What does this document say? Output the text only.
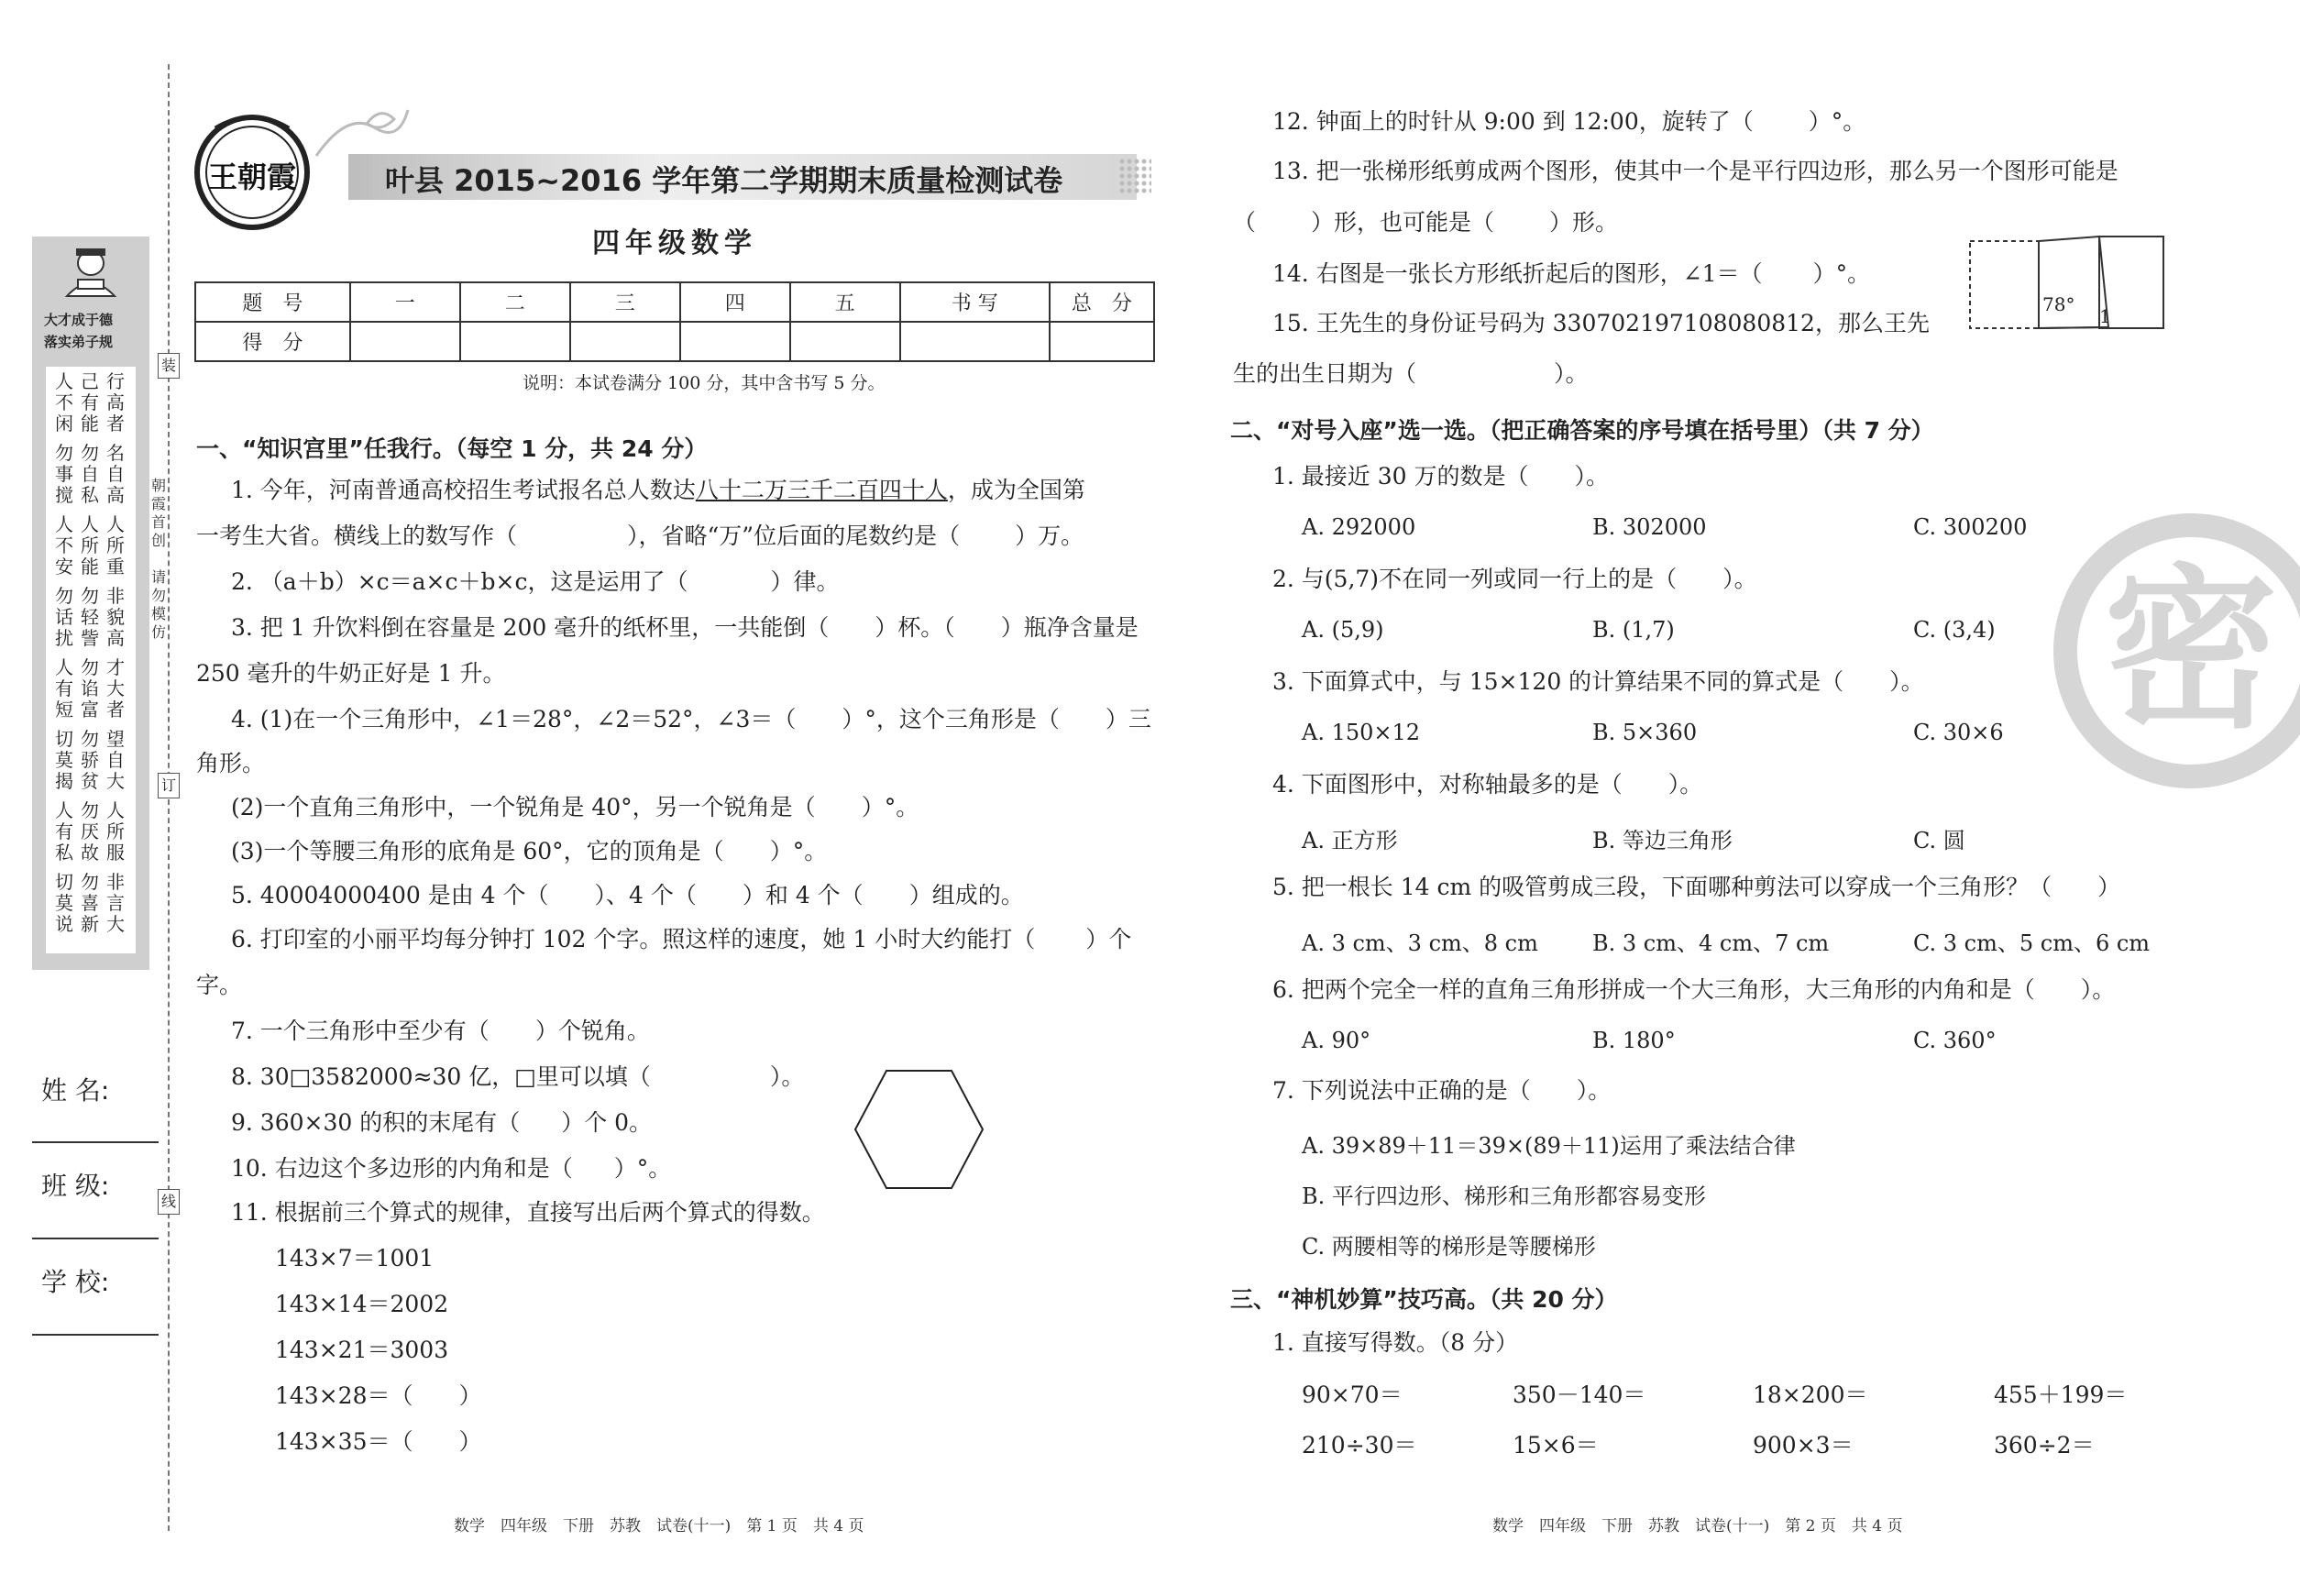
大才成于德
落实弟子规
人不闲
己有能
行高者
勿事搅
勿自私
名自高
人不安
人所能
人所重
勿话扰
勿轻訾
非貌高
人有短
勿谄富
才大者
切莫揭
勿骄贫
望自大
人有私
勿厌故
人所服
切莫说
勿喜新
非言大
装
订
线
朝霞首创
请勿模仿
姓 名:
班 级:
学 校:
王朝霞	叶县 2015~2016 学年第二学期期末质量检测试卷
四年级数学
题　号	一	二	三	四	五	书 写	总　分
得　分							
说明：本试卷满分 100 分，其中含书写 5 分。
一、“知识宫里”任我行。（每空 1 分，共 24 分）
1. 今年，河南普通高校招生考试报名总人数达八十二万三千二百四十人，成为全国第
一考生大省。横线上的数写作（	），省略“万”位后面的尾数约是（ ）万。
2. （a＋b）×c＝a×c＋b×c，这是运用了（	）律。
3. 把 1 升饮料倒在容量是 200 毫升的纸杯里，一共能倒（ ）杯。（ ）瓶净含量是
250 毫升的牛奶正好是 1 升。
4. (1)在一个三角形中，∠1＝28°，∠2＝52°，∠3＝（ ）°，这个三角形是（ ）三
角形。
(2)一个直角三角形中，一个锐角是 40°，另一个锐角是（ ）°。
(3)一个等腰三角形的底角是 60°，它的顶角是（ ）°。
5. 40004000400 是由 4 个（ ）、4 个（ ）和 4 个（ ）组成的。
6. 打印室的小丽平均每分钟打 102 个字。照这样的速度，她 1 小时大约能打（ ）个
字。
7. 一个三角形中至少有（ ）个锐角。
8. 30□3582000≈30 亿，□里可以填（	）。
9. 360×30 的积的末尾有（ ）个 0。
10. 右边这个多边形的内角和是（ ）°。
11. 根据前三个算式的规律，直接写出后两个算式的得数。
143×7＝1001
143×14＝2002
143×21＝3003
143×28＝（　　）
143×35＝（　　）
数学　四年级　下册　苏教　试卷(十一)　第 1 页　共 4 页
12. 钟面上的时针从 9:00 到 12:00，旋转了（ ）°。
13. 把一张梯形纸剪成两个图形，使其中一个是平行四边形，那么另一个图形可能是
（ ）形，也可能是（ ）形。
14. 右图是一张长方形纸折起后的图形，∠1＝（ ）°。
78°
1
15. 王先生的身份证号码为 330702197108080812，那么王先
生的出生日期为（	）。
二、“对号入座”选一选。（把正确答案的序号填在括号里）（共 7 分）
1. 最接近 30 万的数是（　　）。
A. 292000	B. 302000	C. 300200
2. 与(5,7)不在同一列或同一行上的是（　　）。
A. (5,9)	B. (1,7)	C. (3,4)
3. 下面算式中，与 15×120 的计算结果不同的算式是（　　）。
A. 150×12	B. 5×360	C. 30×6
4. 下面图形中，对称轴最多的是（　　）。
A. 正方形	B. 等边三角形	C. 圆
5. 把一根长 14 cm 的吸管剪成三段，下面哪种剪法可以穿成一个三角形？（　　）
A. 3 cm、3 cm、8 cm B. 3 cm、4 cm、7 cm	C. 3 cm、5 cm、6 cm
6. 把两个完全一样的直角三角形拼成一个大三角形，大三角形的内角和是（　　）。
A. 90°	B. 180°	C. 360°
7. 下列说法中正确的是（　　）。
A. 39×89＋11＝39×(89＋11)运用了乘法结合律
B. 平行四边形、梯形和三角形都容易变形
C. 两腰相等的梯形是等腰梯形
三、“神机妙算”技巧高。（共 20 分）
1. 直接写得数。（8 分）
90×70＝	350－140＝	18×200＝	455＋199＝
210÷30＝	15×6＝	900×3＝	360÷2＝
密
数学　四年级　下册　苏教　试卷(十一)　第 2 页　共 4 页
